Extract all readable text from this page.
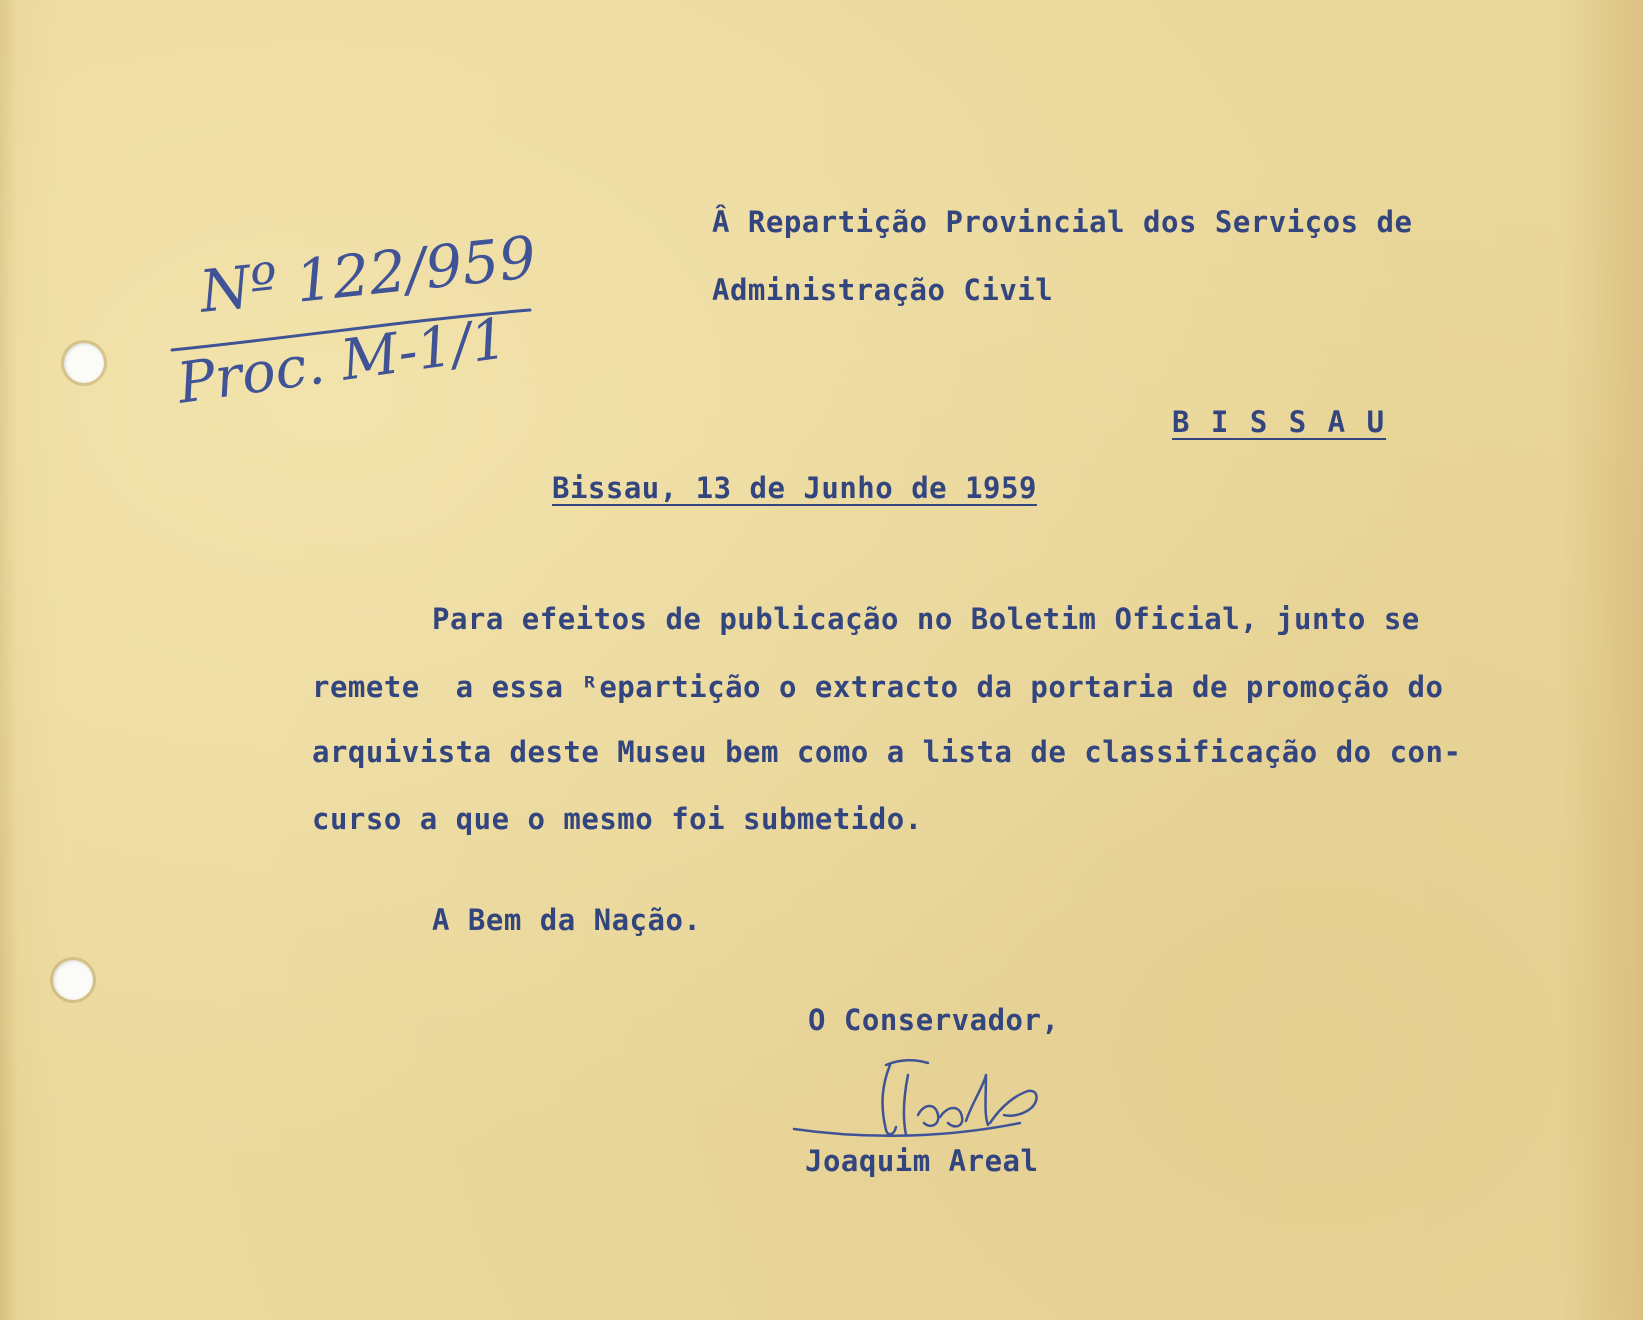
Nº 122/959
Proc. M-1/1
Â Repartição Provincial dos Serviços de
Administração Civil
B I S S A U
Bissau, 13 de Junho de 1959
Para efeitos de publicação no Boletim Oficial, junto se
remete  a essa ᴿepartição o extracto da portaria de promoção do
arquivista deste Museu bem como a lista de classificação do con-
curso a que o mesmo foi submetido.
A Bem da Nação.
O Conservador,
Joaquim Areal
